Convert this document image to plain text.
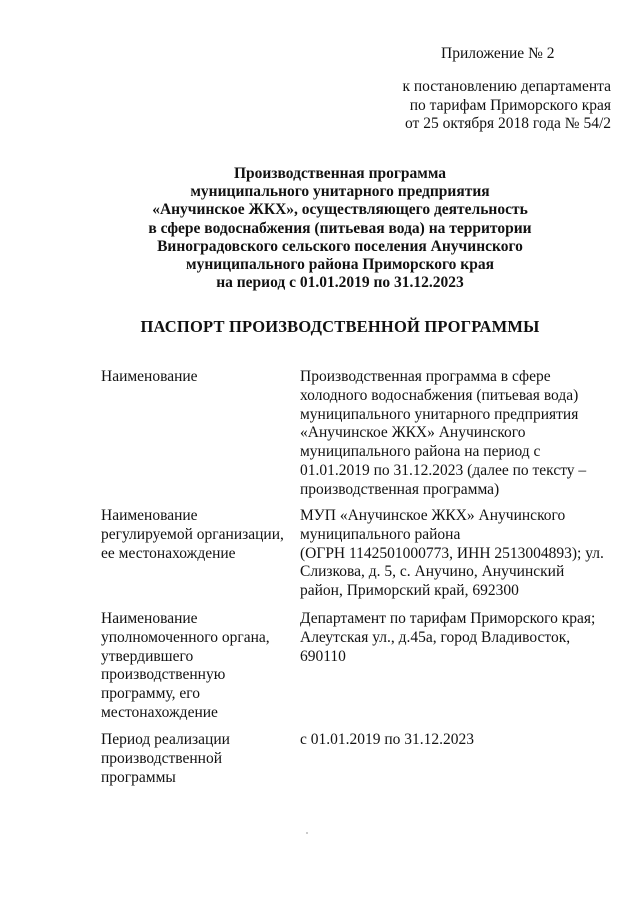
Приложение № 2
к постановлению департамента
по тарифам Приморского края
от 25 октября 2018 года № 54/2
Производственная программа
муниципального унитарного предприятия
«Анучинское ЖКХ», осуществляющего деятельность
в сфере водоснабжения (питьевая вода) на территории
Виноградовского сельского поселения Анучинского
муниципального района Приморского края
на период с 01.01.2019 по 31.12.2023
ПАСПОРТ ПРОИЗВОДСТВЕННОЙ ПРОГРАММЫ
Наименование	Производственная программа в сфере
холодного водоснабжения (питьевая вода)
муниципального унитарного предприятия
«Анучинское ЖКХ» Анучинского
муниципального района на период с
01.01.2019 по 31.12.2023 (далее по тексту –
производственная программа)
Наименование
регулируемой организации,
ее местонахождение
МУП «Анучинское ЖКХ» Анучинского
муниципального района
(ОГРН 1142501000773, ИНН 2513004893); ул.
Слизкова, д. 5, с. Анучино, Анучинский
район, Приморский край, 692300
Наименование
уполномоченного органа,
утвердившего
производственную
программу, его
местонахождение
Департамент по тарифам Приморского края;
Алеутская ул., д.45а, город Владивосток,
690110
Период реализации
производственной
программы
с 01.01.2019 по 31.12.2023
